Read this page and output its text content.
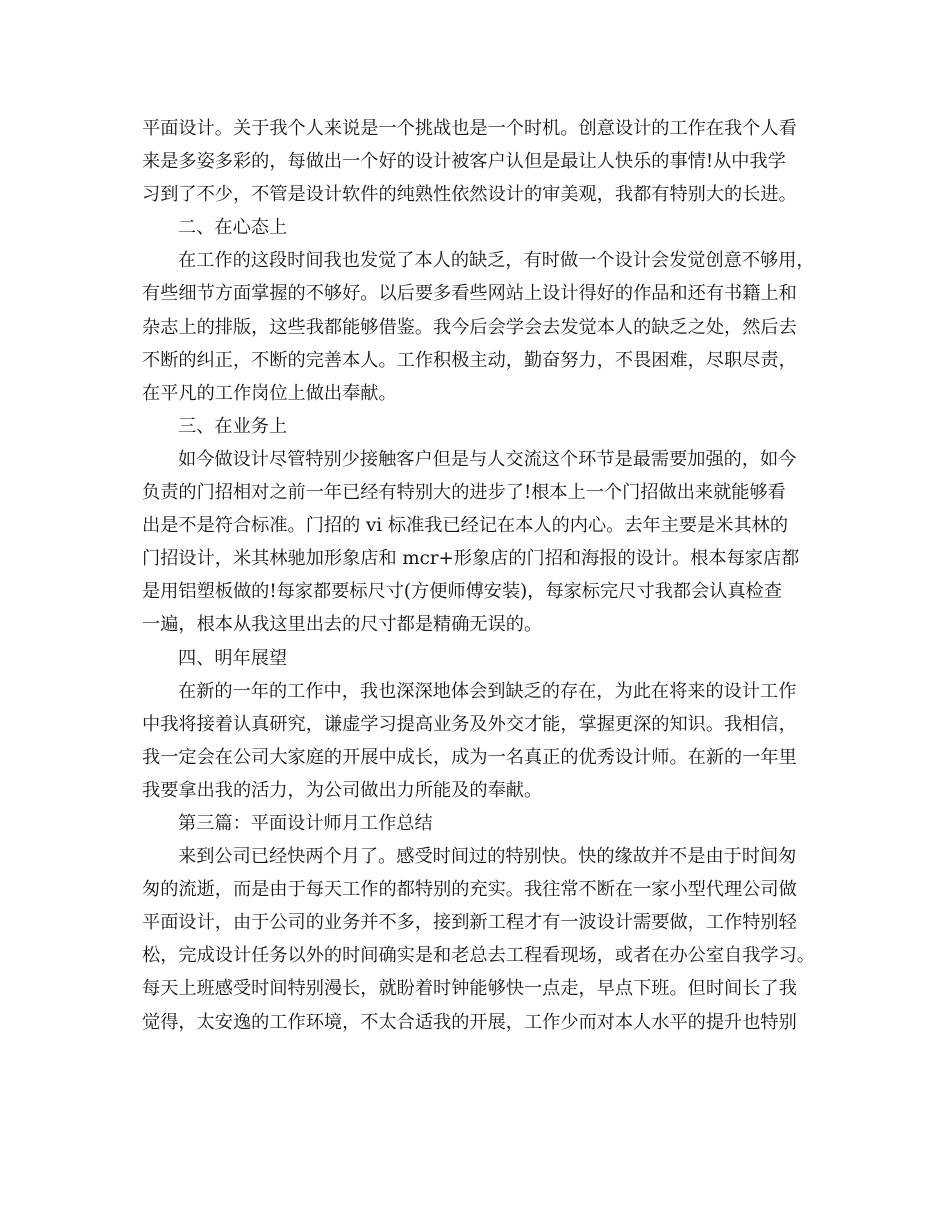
平面设计。关于我个人来说是一个挑战也是一个时机。创意设计的工作在我个人看
来是多姿多彩的，每做出一个好的设计被客户认但是最让人快乐的事情!从中我学
习到了不少，不管是设计软件的纯熟性依然设计的审美观，我都有特别大的长进。
二、在心态上
在工作的这段时间我也发觉了本人的缺乏，有时做一个设计会发觉创意不够用，
有些细节方面掌握的不够好。以后要多看些网站上设计得好的作品和还有书籍上和
杂志上的排版，这些我都能够借鉴。我今后会学会去发觉本人的缺乏之处，然后去
不断的纠正，不断的完善本人。工作积极主动，勤奋努力，不畏困难，尽职尽责，
在平凡的工作岗位上做出奉献。
三、在业务上
如今做设计尽管特别少接触客户但是与人交流这个环节是最需要加强的，如今
负责的门招相对之前一年已经有特别大的进步了!根本上一个门招做出来就能够看
出是不是符合标准。门招的 vi 标准我已经记在本人的内心。去年主要是米其林的
门招设计，米其林驰加形象店和 mcr+形象店的门招和海报的设计。根本每家店都
是用铝塑板做的!每家都要标尺寸(方便师傅安装)，每家标完尺寸我都会认真检查
一遍，根本从我这里出去的尺寸都是精确无误的。
四、明年展望
在新的一年的工作中，我也深深地体会到缺乏的存在，为此在将来的设计工作
中我将接着认真研究，谦虚学习提高业务及外交才能，掌握更深的知识。我相信，
我一定会在公司大家庭的开展中成长，成为一名真正的优秀设计师。在新的一年里
我要拿出我的活力，为公司做出力所能及的奉献。
第三篇：平面设计师月工作总结
来到公司已经快两个月了。感受时间过的特别快。快的缘故并不是由于时间匆
匆的流逝，而是由于每天工作的都特别的充实。我往常不断在一家小型代理公司做
平面设计，由于公司的业务并不多，接到新工程才有一波设计需要做，工作特别轻
松，完成设计任务以外的时间确实是和老总去工程看现场，或者在办公室自我学习。
每天上班感受时间特别漫长，就盼着时钟能够快一点走，早点下班。但时间长了我
觉得，太安逸的工作环境，不太合适我的开展，工作少而对本人水平的提升也特别
